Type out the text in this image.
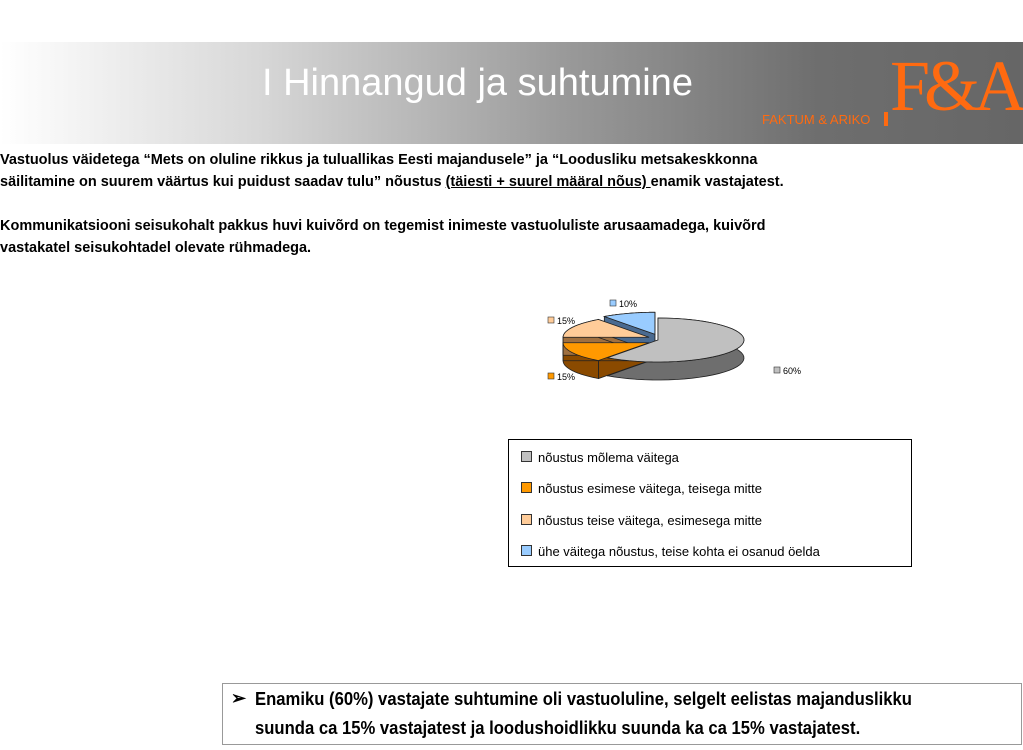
I Hinnangud ja suhtumine
FAKTUM & ARIKO F&A

Vastuolus väidetega “Mets on oluline rikkus ja tuluallikas Eesti majandusele” ja “Loodusliku metsakeskkonna

säilitamine on suurem väärtus kui puidust saadav tulu” nõustus (täiesti + suurel määral nõus) enamik vastajatest.

Kommunikatsiooni seisukohalt pakkus huvi kuivõrd on tegemist inimeste vastuoluliste arusaamadega, kuivõrd

vastakatel seisukohtadel olevate rühmadega.

60%
15%
15%
10%
nõustus mõlema väitega
nõustus esimese väitega, teisega mitte
nõustus teise väitega, esimesega mitte
ühe väitega nõustus, teise kohta ei osanud öelda
➢ Enamiku (60%) vastajate suhtumine oli vastuoluline, selgelt eelistas majanduslikku
suunda ca 15% vastajatest ja loodushoidlikku suunda ka ca 15% vastajatest.
